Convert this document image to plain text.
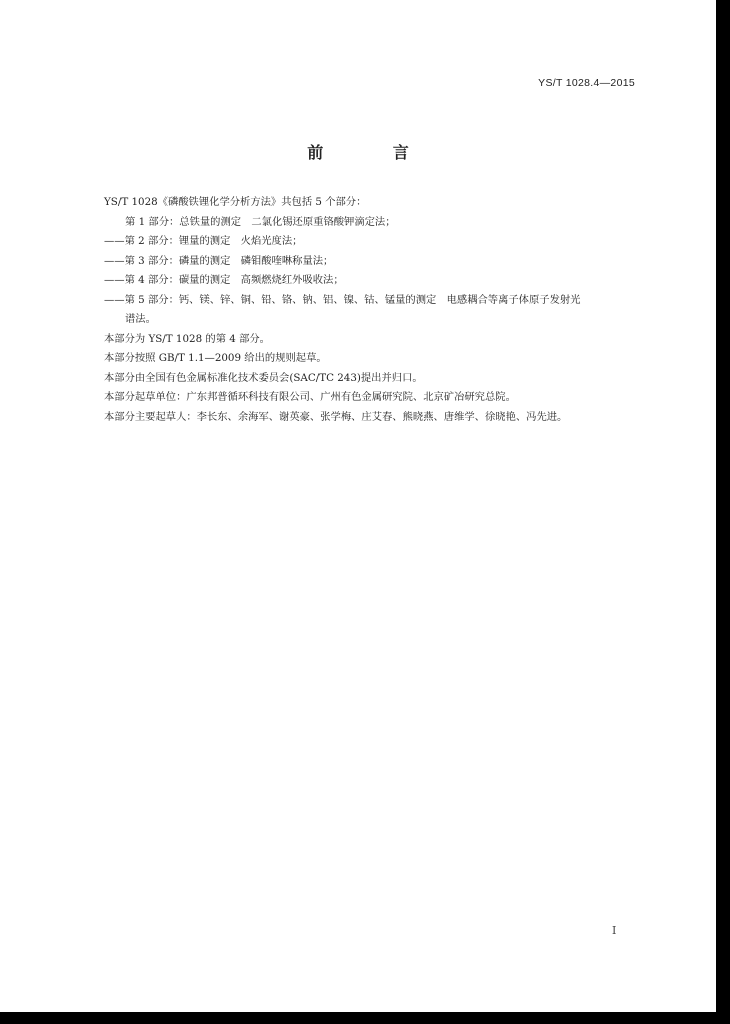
YS/T 1028.4—2015
前 言
YS/T 1028《磷酸铁锂化学分析方法》共包括 5 个部分：
第 1 部分：总铁量的测定　二氯化锡还原重铬酸钾滴定法；
——第 2 部分：锂量的测定　火焰光度法；
——第 3 部分：磷量的测定　磷钼酸喹啉称量法；
——第 4 部分：碳量的测定　高频燃烧红外吸收法；
——第 5 部分：钙、镁、锌、铜、铅、铬、钠、铝、镍、钴、锰量的测定　电感耦合等离子体原子发射光
谱法。
本部分为 YS/T 1028 的第 4 部分。
本部分按照 GB/T 1.1—2009 给出的规则起草。
本部分由全国有色金属标准化技术委员会(SAC/TC 243)提出并归口。
本部分起草单位：广东邦普循环科技有限公司、广州有色金属研究院、北京矿冶研究总院。
本部分主要起草人：李长东、余海军、谢英豪、张学梅、庄艾春、熊晓燕、唐维学、徐晓艳、冯先进。
I
